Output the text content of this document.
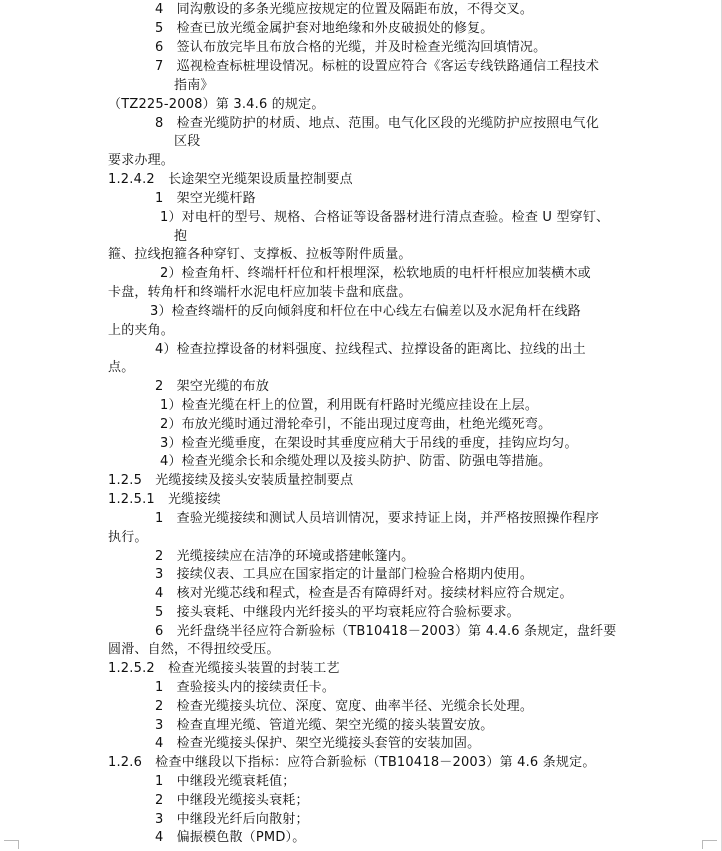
4　同沟敷设的多条光缆应按规定的位置及隔距布放，不得交叉。
5　检查已放光缆金属护套对地绝缘和外皮破损处的修复。
6　签认布放完毕且布放合格的光缆，并及时检查光缆沟回填情况。
7　巡视检查标桩埋设情况。标桩的设置应符合《客运专线铁路通信工程技术
指南》
（TZ225-2008）第 3.4.6 的规定。
8　检查光缆防护的材质、地点、范围。电气化区段的光缆防护应按照电气化
区段
要求办理。
1.2.4.2　长途架空光缆架设质量控制要点
1　架空光缆杆路
1）对电杆的型号、规格、合格证等设备器材进行清点查验。检查 U 型穿钉、
抱
箍、拉线抱箍各种穿钉、支撑板、拉板等附件质量。
2）检查角杆、终端杆杆位和杆根埋深，松软地质的电杆杆根应加装横木或
卡盘，转角杆和终端杆水泥电杆应加装卡盘和底盘。
3）检查终端杆的反向倾斜度和杆位在中心线左右偏差以及水泥角杆在线路
上的夹角。
4）检查拉撑设备的材料强度、拉线程式、拉撑设备的距离比、拉线的出土
点。
2　架空光缆的布放
1）检查光缆在杆上的位置，利用既有杆路时光缆应挂设在上层。
2）布放光缆时通过滑轮牵引，不能出现过度弯曲，杜绝光缆死弯。
3）检查光缆垂度，在架设时其垂度应稍大于吊线的垂度，挂钩应均匀。
4）检查光缆余长和余缆处理以及接头防护、防雷、防强电等措施。
1.2.5　光缆接续及接头安装质量控制要点
1.2.5.1　光缆接续
1　查验光缆接续和测试人员培训情况，要求持证上岗，并严格按照操作程序
执行。
2　光缆接续应在洁净的环境或搭建帐篷内。
3　接续仪表、工具应在国家指定的计量部门检验合格期内使用。
4　核对光缆芯线和程式，检查是否有障碍纤对。接续材料应符合规定。
5　接头衰耗、中继段内光纤接头的平均衰耗应符合验标要求。
6　光纤盘绕半径应符合新验标（TB10418－2003）第 4.4.6 条规定，盘纤要
圆滑、自然，不得扭绞受压。
1.2.5.2　检查光缆接头装置的封装工艺
1　查验接头内的接续责任卡。
2　检查光缆接头坑位、深度、宽度、曲率半径、光缆余长处理。
3　检查直埋光缆、管道光缆、架空光缆的接头装置安放。
4　检查光缆接头保护、架空光缆接头套管的安装加固。
1.2.6　检查中继段以下指标：应符合新验标（TB10418－2003）第 4.6 条规定。
1　中继段光缆衰耗值；
2　中继段光缆接头衰耗；
3　中继段光纤后向散射；
4　偏振模色散（PMD）。
